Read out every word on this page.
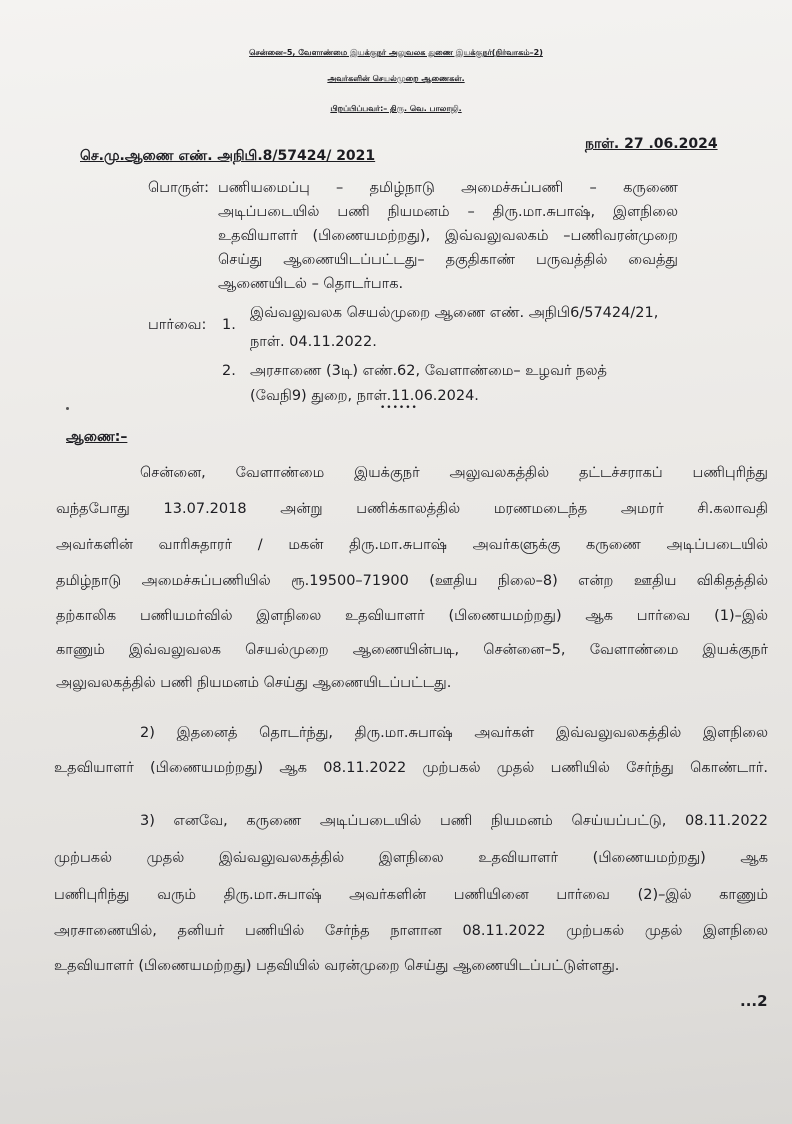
சென்னை–5, வேளாண்மை இயக்குநர் அலுவலக துணை இயக்குநர்(நிர்வாகம்–2)
அவர்களின் செயல்முறை ஆணைகள்.
பிறப்பிப்பவர்:– திரு. வெ. பாலாஜி.
செ.மு.ஆணை எண். அநிபி.8/57424/ 2021
நாள். 27 .06.2024
பொருள்: பணியமைப்பு – தமிழ்நாடு அமைச்சுப்பணி – கருணை
அடிப்படையில் பணி நியமனம் – திரு.மா.சுபாஷ், இளநிலை
உதவியாளர் (பிணையமற்றது), இவ்வலுவலகம் –பணிவரன்முறை
செய்து ஆணையிடப்பட்டது– தகுதிகாண் பருவத்தில் வைத்து
ஆணையிடல் – தொடர்பாக.
பார்வை: 1.
இவ்வலுவலக செயல்முறை ஆணை எண். அநிபி6/57424/21,
நாள். 04.11.2022.
2. அரசாணை (3டி) எண்.62, வேளாண்மை– உழவர் நலத்
(வேநி9) துறை, நாள்.11.06.2024.
••••••
ஆணை:–
சென்னை, வேளாண்மை இயக்குநர் அலுவலகத்தில் தட்டச்சராகப் பணிபுரிந்து
வந்தபோது 13.07.2018 அன்று பணிக்காலத்தில் மரணமடைந்த அமரர் சி.கலாவதி
அவர்களின் வாரிசுதாரர் / மகன் திரு.மா.சுபாஷ் அவர்களுக்கு கருணை அடிப்படையில்
தமிழ்நாடு அமைச்சுப்பணியில் ரூ.19500–71900 (ஊதிய நிலை–8) என்ற ஊதிய விகிதத்தில்
தற்காலிக பணியமர்வில் இளநிலை உதவியாளர் (பிணையமற்றது) ஆக பார்வை (1)–இல்
காணும் இவ்வலுவலக செயல்முறை ஆணையின்படி, சென்னை–5, வேளாண்மை இயக்குநர்
அலுவலகத்தில் பணி நியமனம் செய்து ஆணையிடப்பட்டது.
2) இதனைத் தொடர்ந்து, திரு.மா.சுபாஷ் அவர்கள் இவ்வலுவலகத்தில் இளநிலை
உதவியாளர் (பிணையமற்றது) ஆக 08.11.2022 முற்பகல் முதல் பணியில் சேர்ந்து கொண்டார்.
3) எனவே, கருணை அடிப்படையில் பணி நியமனம் செய்யப்பட்டு, 08.11.2022
முற்பகல் முதல் இவ்வலுவலகத்தில் இளநிலை உதவியாளர் (பிணையமற்றது) ஆக
பணிபுரிந்து வரும் திரு.மா.சுபாஷ் அவர்களின் பணியினை பார்வை (2)–இல் காணும்
அரசாணையில், தனியர் பணியில் சேர்ந்த நாளான 08.11.2022 முற்பகல் முதல் இளநிலை
உதவியாளர் (பிணையமற்றது) பதவியில் வரன்முறை செய்து ஆணையிடப்பட்டுள்ளது.
...2
